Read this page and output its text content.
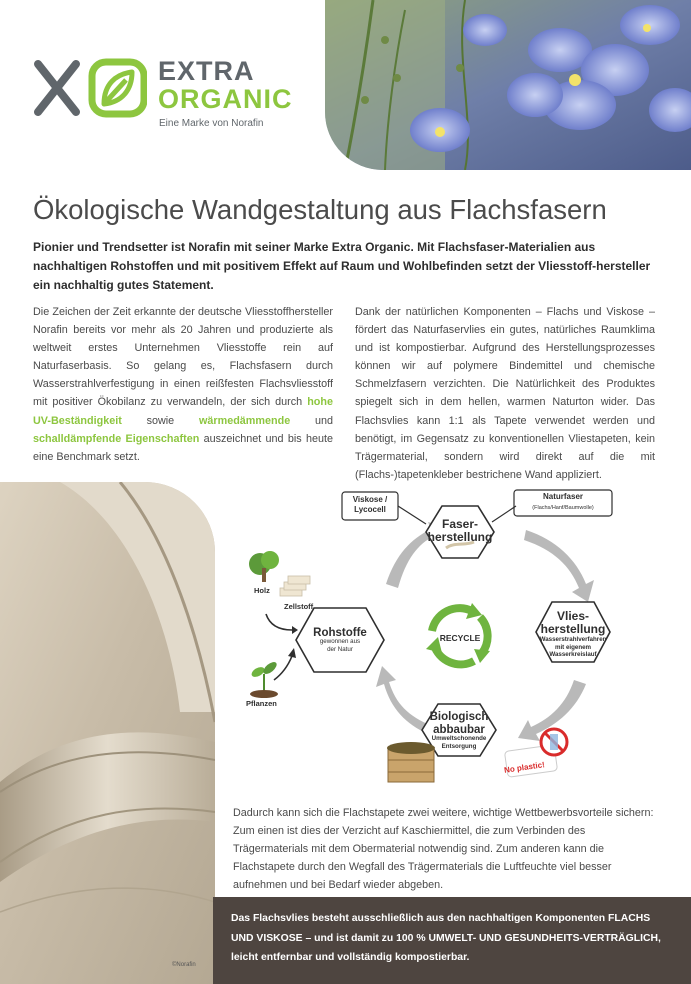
EXTRA
ORGANIC
Eine Marke von Norafin
Ökologische Wandgestaltung aus Flachsfasern
Pionier und Trendsetter ist Norafin mit seiner Marke Extra Organic. Mit Flachsfaser-Materialien aus nachhaltigen Rohstoffen und mit positivem Effekt auf Raum und Wohlbefinden setzt der Vliesstoff-hersteller ein nachhaltig gutes Statement.
Die Zeichen der Zeit erkannte der deutsche Vliesstoffhersteller Norafin bereits vor mehr als 20 Jahren und produzierte als weltweit erstes Unternehmen Vliesstoffe rein auf Naturfaserbasis. So gelang es, Flachsfasern durch Wasserstrahlverfestigung in einen reißfesten Flachsvliesstoff mit positiver Ökobilanz zu verwandeln, der sich durch hohe UV-Beständigkeit sowie wärmedämmende und schalldämpfende Eigenschaften auszeichnet und bis heute eine Benchmark setzt.
Dank der natürlichen Komponenten – Flachs und Viskose – fördert das Naturfaservlies ein gutes, natürliches Raumklima und ist kompostierbar. Aufgrund des Herstellungsprozesses können wir auf polymere Bindemittel und chemische Schmelzfasern verzichten. Die Natürlichkeit des Produktes spiegelt sich in dem hellen, warmen Naturton wider. Das Flachsvlies kann 1:1 als Tapete verwendet werden und benötigt, im Gegensatz zu konventionellen Vliestapeten, kein Trägermaterial, sondern wird direkt auf die mit (Flachs-)tapetenkleber bestrichene Wand appliziert.
©Norafin
Faser-
herstellung
Vlies-
herstellung
Biologisch
abbaubar
Rohstoffe	RECYCLE
Viskose /
Lycocell
Naturfaser
(Flachs/Hanf/Baumwolle)
Wasserstrahlverfahren
mit eigenem
Wasserkreislauf
Umweltschonende
Entsorgung
gewonnen aus
der Natur
Holz
Zellstoff
Pflanzen
No plastic!
Dadurch kann sich die Flachstapete zwei weitere, wichtige Wettbewerbsvorteile sichern: Zum einen ist dies der Verzicht auf Kaschiermittel, die zum Verbinden des Trägermaterials mit dem Obermaterial notwendig sind. Zum anderen kann die Flachstapete durch den Wegfall des Trägermaterials die Luftfeuchte viel besser aufnehmen und bei Bedarf wieder abgeben.
Das Flachsvlies besteht ausschließlich aus den nachhaltigen Komponenten FLACHS UND VISKOSE – und ist damit zu 100 % UMWELT- UND GESUNDHEITS-VERTRÄGLICH, leicht entfernbar und vollständig kompostierbar.
